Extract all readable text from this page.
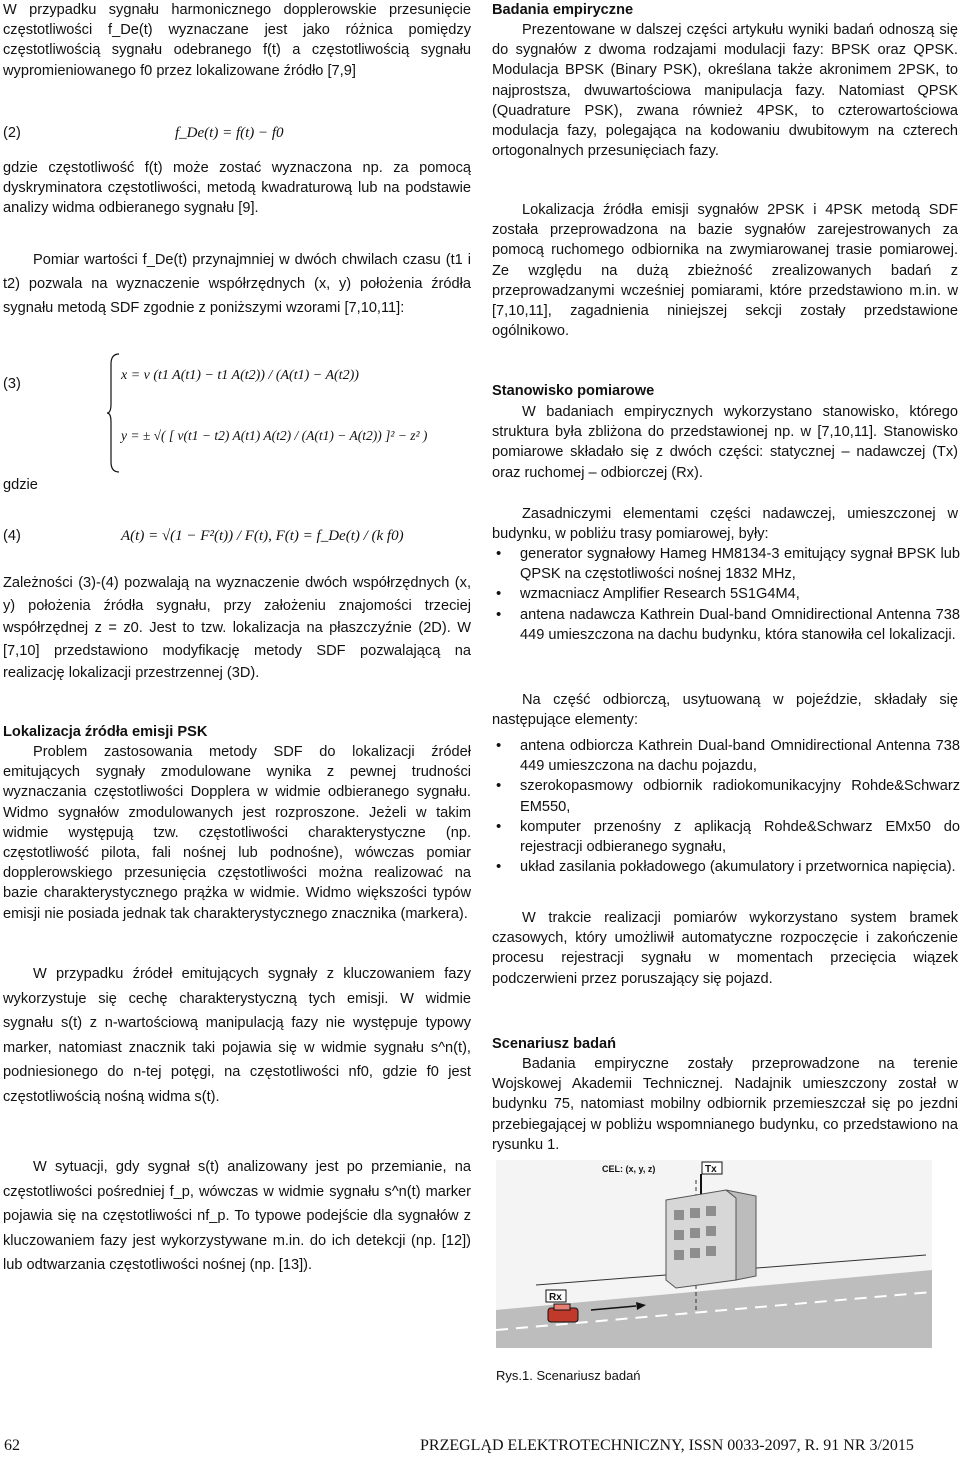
W przypadku sygnału harmonicznego dopplerowskie przesunięcie częstotliwości f_De(t) wyznaczane jest jako różnica pomiędzy częstotliwością sygnału odebranego f(t) a częstotliwością sygnału wypromieniowanego f0 przez lokalizowane źródło [7,9]

(2)	f_De(t) = f(t) − f0

gdzie częstotliwość f(t) może zostać wyznaczona np. za pomocą dyskryminatora częstotliwości, metodą kwadraturową lub na podstawie analizy widma odbieranego sygnału [9].

Pomiar wartości f_De(t) przynajmniej w dwóch chwilach czasu (t1 i t2) pozwala na wyznaczenie współrzędnych (x, y) położenia źródła sygnału metodą SDF zgodnie z poniższymi wzorami [7,10,11]:

(3)
x = v (t1 A(t1) − t1 A(t2)) / (A(t1) − A(t2))
y = ± √( [ v(t1 − t2) A(t1) A(t2) / (A(t1) − A(t2)) ]² − z² )
gdzie
(4)	A(t) = √(1 − F²(t)) / F(t), F(t) = f_De(t) / (k f0)

Zależności (3)-(4) pozwalają na wyznaczenie dwóch współrzędnych (x, y) położenia źródła sygnału, przy założeniu znajomości trzeciej współrzędnej z = z0. Jest to tzw. lokalizacja na płaszczyźnie (2D). W [7,10] przedstawiono modyfikację metody SDF pozwalającą na realizację lokalizacji przestrzennej (3D).

Lokalizacja źródła emisji PSK

Problem zastosowania metody SDF do lokalizacji źródeł emitujących sygnały zmodulowane wynika z pewnej trudności wyznaczania częstotliwości Dopplera w widmie odbieranego sygnału. Widmo sygnałów zmodulowanych jest rozproszone. Jeżeli w takim widmie występują tzw. częstotliwości charakterystyczne (np. częstotliwość pilota, fali nośnej lub podnośne), wówczas pomiar dopplerowskiego przesunięcia częstotliwości można realizować na bazie charakterystycznego prążka w widmie. Widmo większości typów emisji nie posiada jednak tak charakterystycznego znacznika (markera).

W przypadku źródeł emitujących sygnały z kluczowaniem fazy wykorzystuje się cechę charakterystyczną tych emisji. W widmie sygnału s(t) z n-wartościową manipulacją fazy nie występuje typowy marker, natomiast znacznik taki pojawia się w widmie sygnału s^n(t), podniesionego do n-tej potęgi, na częstotliwości nf0, gdzie f0 jest częstotliwością nośną widma s(t).

W sytuacji, gdy sygnał s(t) analizowany jest po przemianie, na częstotliwości pośredniej f_p, wówczas w widmie sygnału s^n(t) marker pojawia się na częstotliwości nf_p. To typowe podejście dla sygnałów z kluczowaniem fazy jest wykorzystywane m.in. do ich detekcji (np. [12]) lub odtwarzania częstotliwości nośnej (np. [13]).

Badania empiryczne

Prezentowane w dalszej części artykułu wyniki badań odnoszą się do sygnałów z dwoma rodzajami modulacji fazy: BPSK oraz QPSK. Modulacja BPSK (Binary PSK), określana także akronimem 2PSK, to najprostsza, dwuwartościowa manipulacja fazy. Natomiast QPSK (Quadrature PSK), zwana również 4PSK, to czterowartościowa modulacja fazy, polegająca na kodowaniu dwubitowym na czterech ortogonalnych przesunięciach fazy.

Lokalizacja źródła emisji sygnałów 2PSK i 4PSK metodą SDF została przeprowadzona na bazie sygnałów zarejestrowanych za pomocą ruchomego odbiornika na zwymiarowanej trasie pomiarowej. Ze względu na dużą zbieżność zrealizowanych badań z przeprowadzanymi wcześniej pomiarami, które przedstawiono m.in. w [7,10,11], zagadnienia niniejszej sekcji zostały przedstawione ogólnikowo.

Stanowisko pomiarowe

W badaniach empirycznych wykorzystano stanowisko, którego struktura była zbliżona do przedstawionej np. w [7,10,11]. Stanowisko pomiarowe składało się z dwóch części: statycznej – nadawczej (Tx) oraz ruchomej – odbiorczej (Rx).

Zasadniczymi elementami części nadawczej, umieszczonej w budynku, w pobliżu trasy pomiarowej, były:

• generator sygnałowy Hameg HM8134-3 emitujący sygnał BPSK lub QPSK na częstotliwości nośnej 1832 MHz,
• wzmacniacz Amplifier Research 5S1G4M4,
• antena nadawcza Kathrein Dual-band Omnidirectional Antenna 738 449 umieszczona na dachu budynku, która stanowiła cel lokalizacji.

Na część odbiorczą, usytuowaną w pojeździe, składały się następujące elementy:

• antena odbiorcza Kathrein Dual-band Omnidirectional Antenna 738 449 umieszczona na dachu pojazdu,
• szerokopasmowy odbiornik radiokomunikacyjny Rohde&Schwarz EM550,
• komputer przenośny z aplikacją Rohde&Schwarz EMx50 do rejestracji odbieranego sygnału,
• układ zasilania pokładowego (akumulatory i przetwornica napięcia).

W trakcie realizacji pomiarów wykorzystano system bramek czasowych, który umożliwił automatyczne rozpoczęcie i zakończenie procesu rejestracji sygnału w momentach przecięcia wiązek podczerwieni przez poruszający się pojazd.

Scenariusz badań

Badania empiryczne zostały przeprowadzone na terenie Wojskowej Akademii Technicznej. Nadajnik umieszczony został w budynku 75, natomiast mobilny odbiornik przemieszczał się po jezdni przebiegającej w pobliżu wspomnianego budynku, co przedstawiono na rysunku 1.

CEL: (x, y, z)	Tx
Rx
Rys.1. Scenariusz badań
62	PRZEGLĄD ELEKTROTECHNICZNY, ISSN 0033-2097, R. 91 NR 3/2015
